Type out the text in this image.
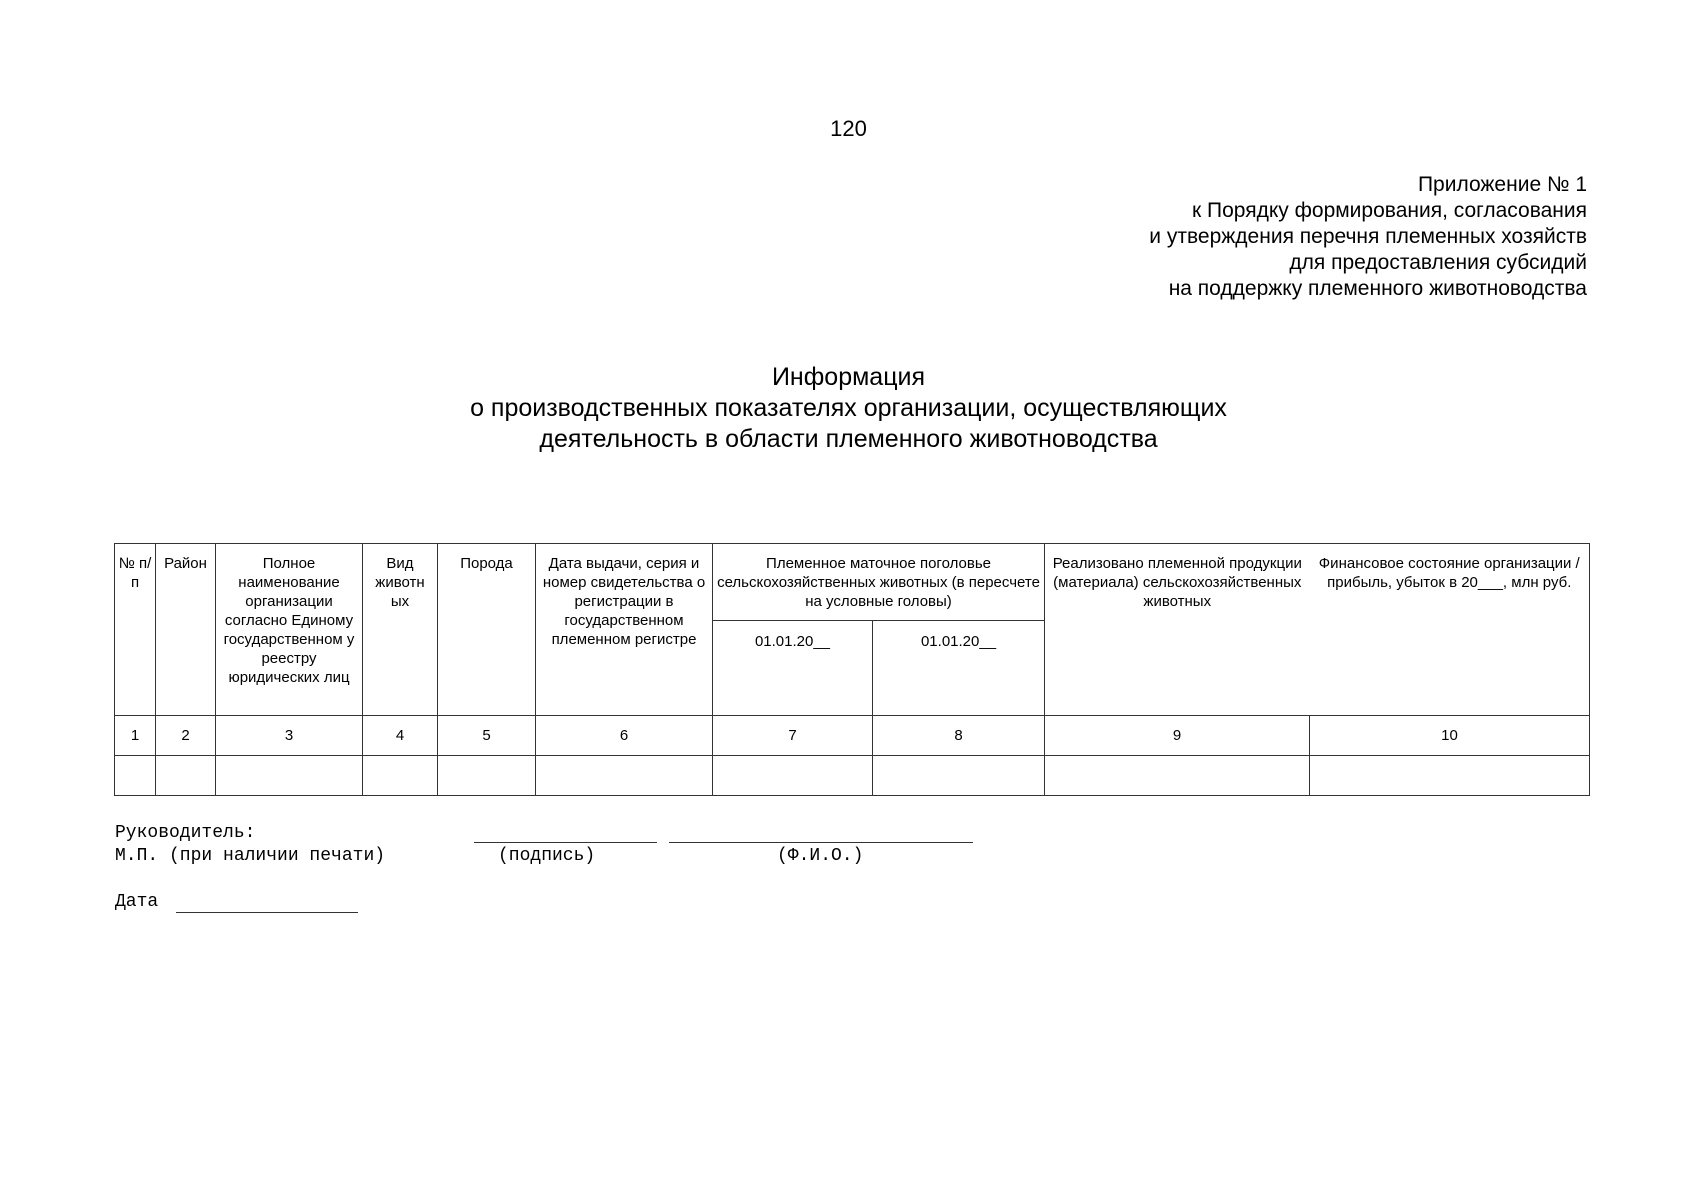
120
Приложение № 1
к Порядку формирования, согласования
и утверждения перечня племенных хозяйств
для предоставления субсидий
на поддержку племенного животноводства
Информация
о производственных показателях организации, осуществляющих
деятельность в области племенного животноводства
№ п/п	Район	Полное наименование организации согласно Единому государственном у реестру юридических лиц	Вид животн ых	Порода	Дата выдачи, серия и номер свидетельства о регистрации в государственном племенном регистре	Племенное маточное поголовье сельскохозяйственных животных (в пересчете на условные головы)		Реализовано племенной продукции (материала) сельскохозяйственных животных	Финансовое состояние организации /прибыль, убыток в 20___, млн руб.
						01.01.20__	01.01.20__		
1	2	3	4	5	6	7	8	9	10

Руководитель:
М.П. (при наличии печати)	(подпись)	(Ф.И.О.)
Дата
